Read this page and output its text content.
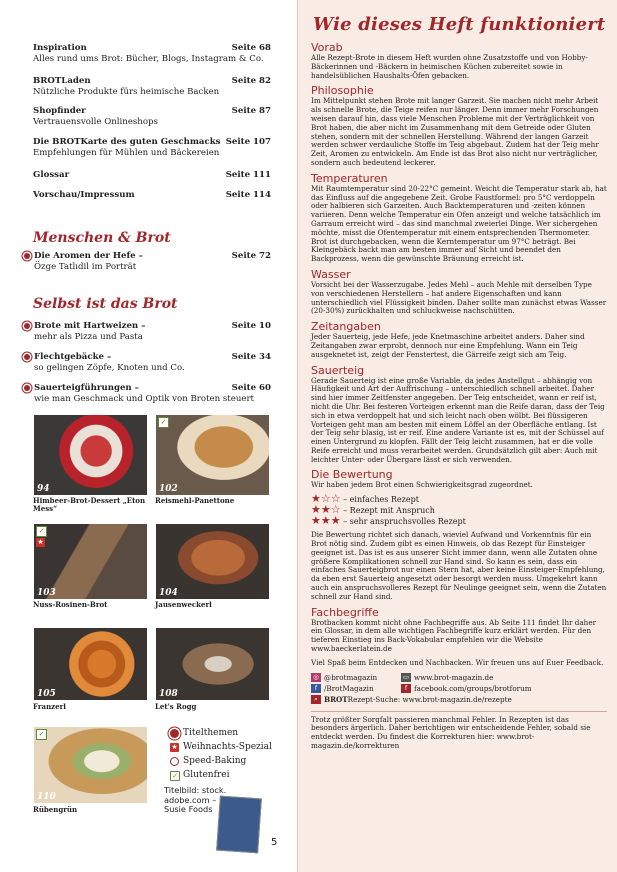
Inspiration	Seite 68
Alles rund ums Brot: Bücher, Blogs, Instagram & Co.
BROTLaden	Seite 82
Nützliche Produkte fürs heimische Backen
Shopfinder	Seite 87
Vertrauensvolle Onlineshops
Die BROTKarte des guten Geschmacks Seite 107
Empfehlungen für Mühlen und Bäckereien
Glossar	Seite 111
Vorschau/Impressum	Seite 114
Menschen & Brot
Die Aromen der Hefe –	Seite 72
Özge Tatlıdil im Porträt
Selbst ist das Brot
Brote mit Hartweizen –	Seite 10
mehr als Pizza und Pasta
Flechtgebäcke –	Seite 34
so gelingen Zöpfe, Knoten und Co.
Sauerteigführungen –	Seite 60
wie man Geschmack und Optik von Broten steuert
94
Himbeer-Brot-Dessert „Eton Mess“
✓
102
Reismehl-Panettone
✓
★
103
Nuss-Rosinen-Brot
104
Jausenweckerl
105
Franzerl
108
Let's Rogg
✓
110
Rübengrün
Titelthemen
★ Weihnachts-Spezial
Speed-Baking
✓ Glutenfrei
Titelbild: stock.
adobe.com –
Susie Foods
5
Wie dieses Heft funktioniert
Vorab

Alle Rezept-Brote in diesem Heft wurden ohne Zusatzstoffe und von Hobby-Bäckerinnen und -Bäckern in heimischen Küchen zubereitet sowie in handelsüblichen Haushalts-Öfen gebacken.

Philosophie

Im Mittelpunkt stehen Brote mit langer Garzeit. Sie machen nicht mehr Arbeit als schnelle Brote, die Teige reifen nur länger. Denn immer mehr Forschungen weisen darauf hin, dass viele Menschen Probleme mit der Verträglichkeit von Brot haben, die aber nicht im Zusammenhang mit dem Getreide oder Gluten stehen, sondern mit der schnellen Herstellung. Während der langen Garzeit werden schwer verdauliche Stoffe im Teig abgebaut. Zudem hat der Teig mehr Zeit, Aromen zu entwickeln. Am Ende ist das Brot also nicht nur verträglicher, sondern auch bedeutend leckerer.

Temperaturen

Mit Raumtemperatur sind 20-22°C gemeint. Weicht die Temperatur stark ab, hat das Einfluss auf die angegebene Zeit. Grobe Faustformel: pro 5°C verdoppeln oder halbieren sich Garzeiten. Auch Backtemperaturen und -zeiten können variieren. Denn welche Temperatur ein Ofen anzeigt und welche tatsächlich im Garraum erreicht wird – das sind manchmal zweierlei Dinge. Wer sichergehen möchte, misst die Ofentemperatur mit einem entsprechenden Thermometer. Brot ist durchgebacken, wenn die Kerntemperatur um 97°C beträgt. Bei Kleingebäck backt man am besten immer auf Sicht und beendet den Backprozess, wenn die gewünschte Bräunung erreicht ist.

Wasser

Vorsicht bei der Wasserzugabe. Jedes Mehl – auch Mehle mit derselben Type von verschiedenen Herstellern – hat andere Eigenschaften und kann unterschiedlich viel Flüssigkeit binden. Daher sollte man zunächst etwas Wasser (20-30%) zurückhalten und schluckweise nachschütten.

Zeitangaben

Jeder Sauerteig, jede Hefe, jede Knetmaschine arbeitet anders. Daher sind Zeitangaben zwar erprobt, dennoch nur eine Empfehlung. Wann ein Teig ausgeknetet ist, zeigt der Fenstertest, die Gärreife zeigt sich am Teig.

Sauerteig

Gerade Sauerteig ist eine große Variable, da jedes Anstellgut – abhängig von Häufigkeit und Art der Auffrischung – unterschiedlich schnell arbeitet. Daher sind hier immer Zeitfenster angegeben. Der Teig entscheidet, wann er reif ist, nicht die Uhr. Bei festeren Vorteigen erkennt man die Reife daran, dass der Teig sich in etwa verdoppelt hat und sich leicht nach oben wölbt. Bei flüssigeren Vorteigen geht man am besten mit einem Löffel an der Oberfläche entlang. Ist der Teig sehr blasig, ist er reif. Eine andere Variante ist es, mit der Schüssel auf einen Untergrund zu klopfen. Fällt der Teig leicht zusammen, hat er die volle Reife erreicht und muss verarbeitet werden. Grundsätzlich gilt aber: Auch mit leichter Unter- oder Übergare lässt er sich verwenden.

Die Bewertung

Wir haben jedem Brot einen Schwierigkeitsgrad zugeordnet.

★☆☆ – einfaches Rezept
★★☆ – Rezept mit Anspruch
★★★ – sehr anspruchsvolles Rezept

Die Bewertung richtet sich danach, wieviel Aufwand und Vorkenntnis für ein Brot nötig sind. Zudem gibt es einen Hinweis, ob das Rezept für Einsteiger geeignet ist. Das ist es aus unserer Sicht immer dann, wenn alle Zutaten ohne größere Komplikationen schnell zur Hand sind. So kann es sein, dass ein einfaches Sauerteigbrot nur einen Stern hat, aber keine Einsteiger-Empfehlung, da eben erst Sauerteig angesetzt oder besorgt werden muss. Umgekehrt kann auch ein anspruchsvolleres Rezept für Neulinge geeignet sein, wenn die Zutaten schnell zur Hand sind.

Fachbegriffe

Brotbacken kommt nicht ohne Fachbegriffe aus. Ab Seite 111 findet Ihr daher ein Glossar, in dem alle wichtigen Fachbegriffe kurz erklärt werden. Für den tieferen Einstieg ins Back-Vokabular empfehlen wir die Website www.baeckerlatein.de

Viel Spaß beim Entdecken und Nachbacken. Wir freuen uns auf Euer Feedback.

◎ @brotmagazin	▭ www.brot-magazin.de
f /BrotMagazin	f facebook.com/groups/brotforum
⌕ BROTRezept-Suche: www.brot-magazin.de/rezepte

Trotz größter Sorgfalt passieren manchmal Fehler. In Rezepten ist das besonders ärgerlich. Daher berichtigen wir entscheidende Fehler, sobald sie entdeckt werden. Du findest die Korrekturen hier: www.brot-magazin.de/korrekturen
